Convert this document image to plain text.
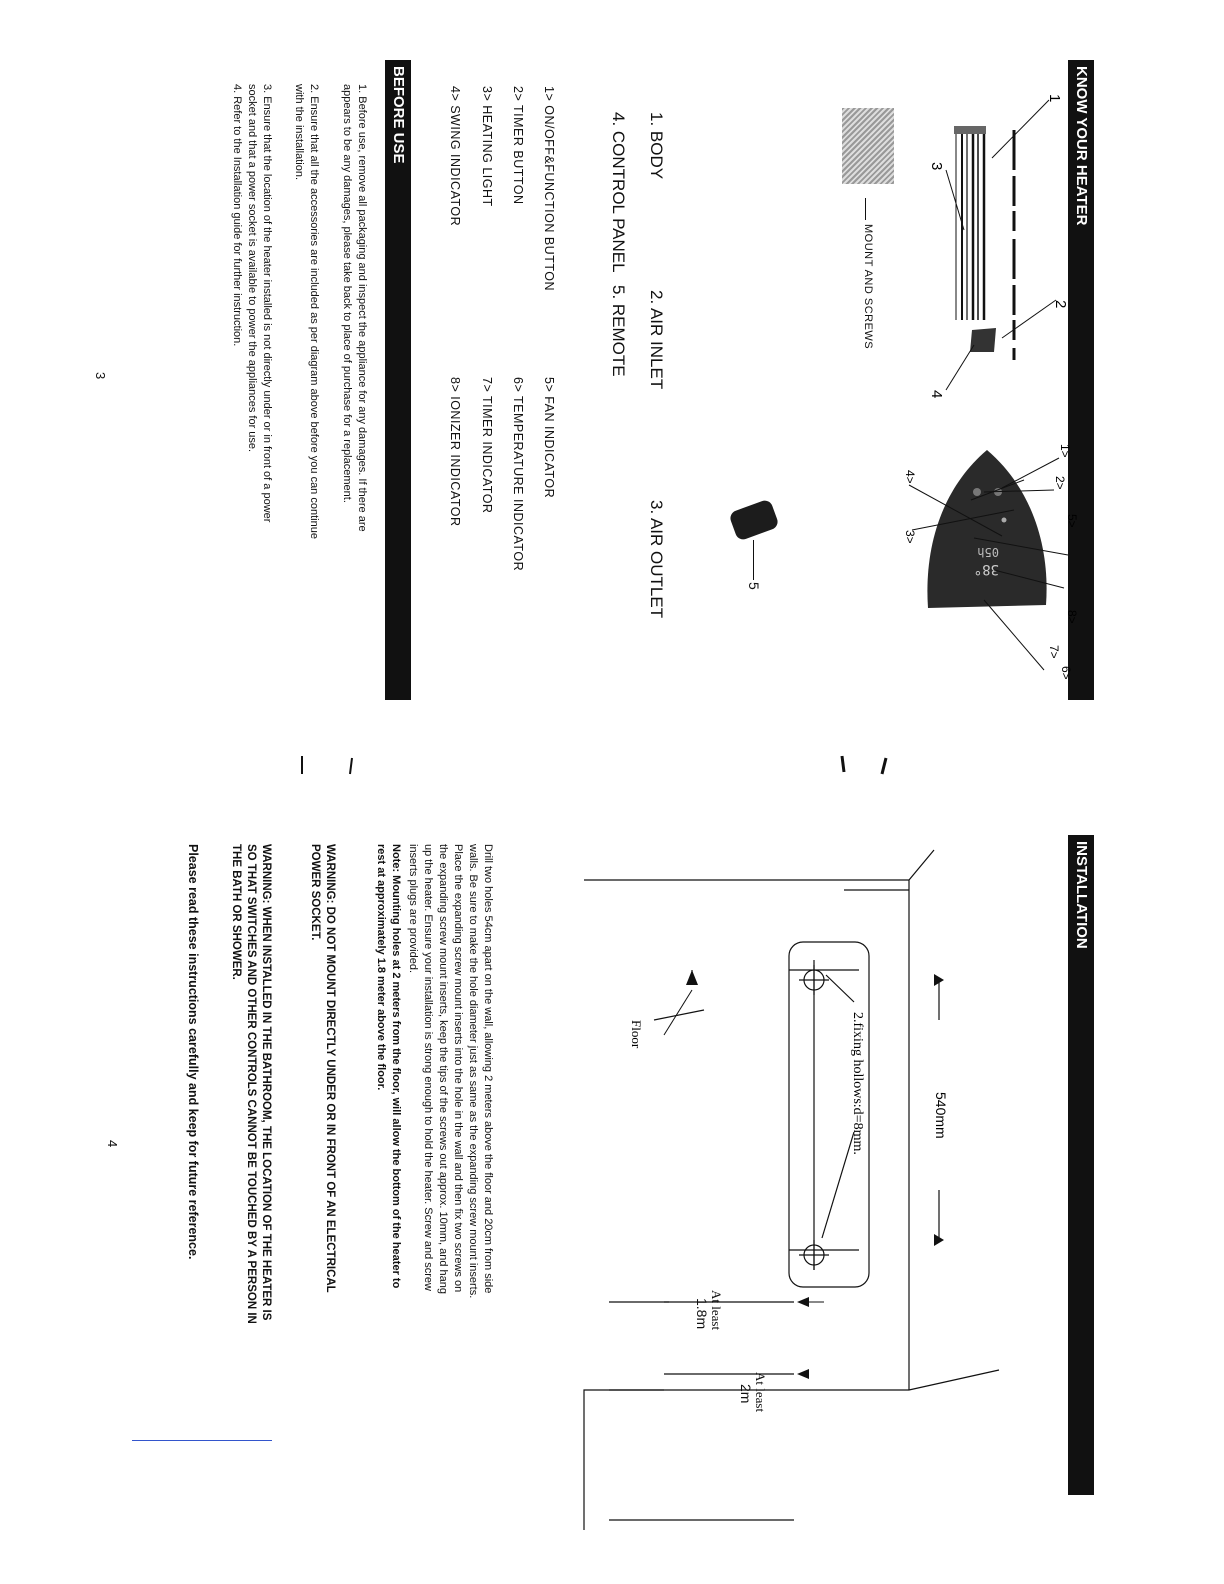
KNOW YOUR HEATER
1
2
3
4
MOUNT AND SCREWS
38°
05h
1>
2>
3>
4>
5>
6>
7>
8>
5
1. BODY
2. AIR INLET
3. AIR OUTLET
4. CONTROL PANEL
5. REMOTE
1> ON/OFF&FUNCTION BUTTON
2> TIMER BUTTON
3> HEATING LIGHT
4> SWING INDICATOR
5> FAN INDICATOR
6> TEMPERATURE INDICATOR
7> TIMER INDICATOR
8> IONIZER INDICATOR
BEFORE USE
1. Before use, remove all packaging and inspect the appliance for any damages. If there are
appears to be any damages, please take back to place of purchase for a replacement.
2. Ensure that all the accessories are included as per diagram above before you can continue
with the installation.
3. Ensure that the location of the heater installed is not directly under or in front of a power
socket and that a power socket is available to power the appliances for use.
4. Refer to the Installation guide for further instruction.
3
INSTALLATION
2.fixing hollows:d=8mm.	540mm
Floor
At least
1.8m
At least
2m
Drill two holes 54cm apart on the wall, allowing 2 meters above the floor and 20cm from side
walls. Be sure to make the hole diameter just as same as the expanding screw mount inserts.
Place the expanding screw mount inserts into the hole in the wall and then fix two screws on
the expanding screw mount inserts, keep the tips of the screws out approx. 10mm, and hang
up the heater. Ensure your installation is strong enough to hold the heater. Screw and screw
inserts plugs are provided.
Note: Mounting holes at 2 meters from the floor, will allow the bottom of the heater to
rest at approximately 1.8 meter above the floor.
WARNING: DO NOT MOUNT DIRECTLY UNDER OR IN FRONT OF AN ELECTRICAL
POWER SOCKET.
WARNING: WHEN INSTALLED IN THE BATHROOM, THE LOCATION OF THE HEATER IS
SO THAT SWITCHES AND OTHER CONTROLS CANNOT BE TOUCHED BY A PERSON IN
THE BATH OR SHOWER.
Please read these instructions carefully and keep for future reference.
4
